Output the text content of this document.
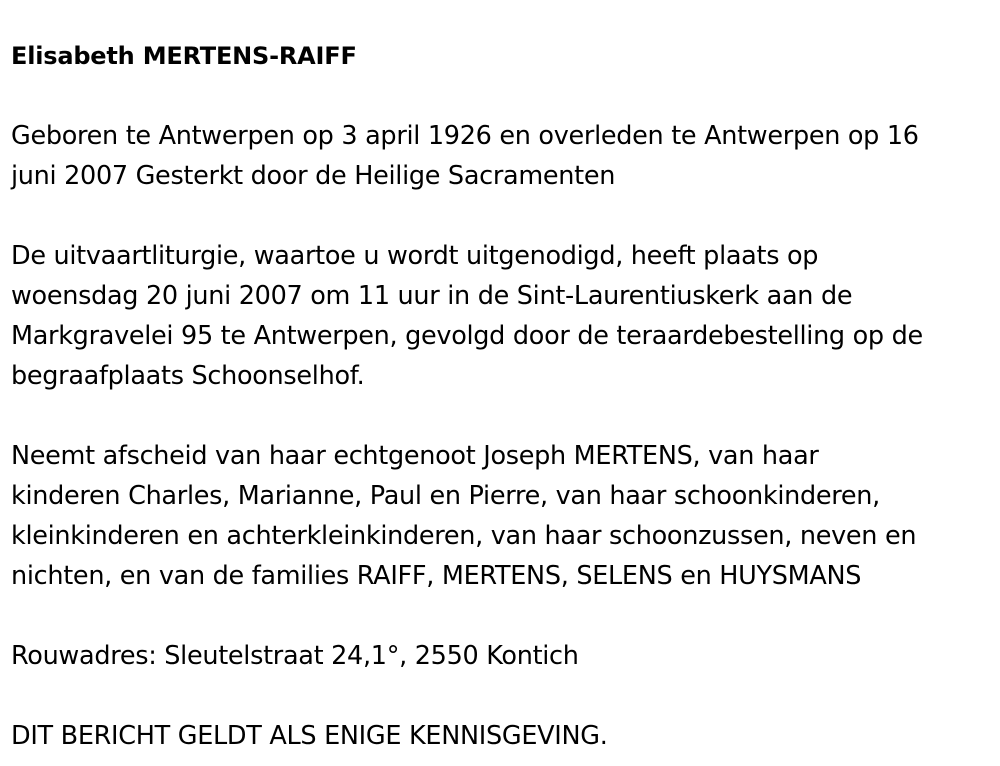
Elisabeth MERTENS-RAIFF
Geboren te Antwerpen op 3 april 1926 en overleden te Antwerpen op 16
juni 2007 Gesterkt door de Heilige Sacramenten
De uitvaartliturgie, waartoe u wordt uitgenodigd, heeft plaats op
woensdag 20 juni 2007 om 11 uur in de Sint-Laurentiuskerk aan de
Markgravelei 95 te Antwerpen, gevolgd door de teraardebestelling op de
begraafplaats Schoonselhof.
Neemt afscheid van haar echtgenoot Joseph MERTENS, van haar
kinderen Charles, Marianne, Paul en Pierre, van haar schoonkinderen,
kleinkinderen en achterkleinkinderen, van haar schoonzussen, neven en
nichten, en van de families RAIFF, MERTENS, SELENS en HUYSMANS
Rouwadres: Sleutelstraat 24,1°, 2550 Kontich
DIT BERICHT GELDT ALS ENIGE KENNISGEVING.
